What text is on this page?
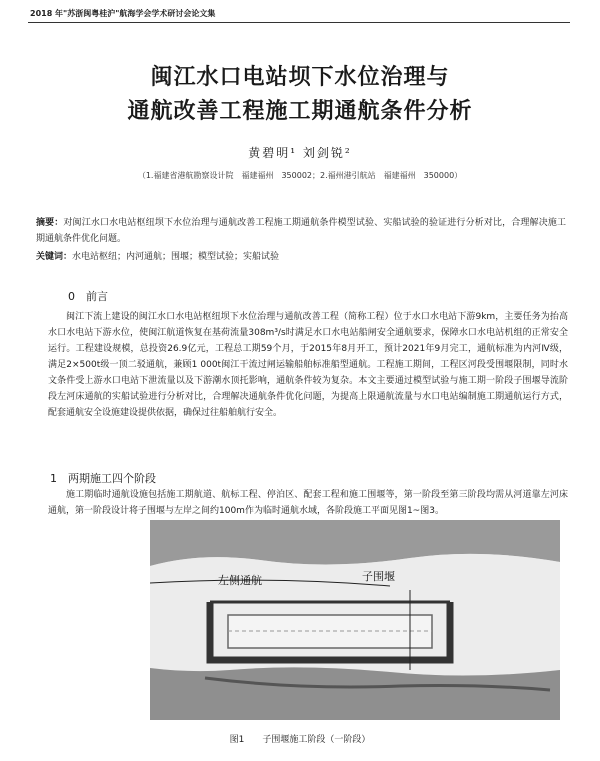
2018 年"苏浙闽粤桂沪"航海学会学术研讨会论文集
闽江水口电站坝下水位治理与
通航改善工程施工期通航条件分析
黄碧明¹ 刘剑锐²
（1.福建省港航勘察设计院　福建福州　350002；2.福州港引航站　福建福州　350000）
摘要：对闽江水口水电站枢纽坝下水位治理与通航改善工程施工期通航条件模型试验、实船试验的验证进行分析对比，合理解决施工期通航条件优化问题。
关键词：水电站枢纽；内河通航；围堰；模型试验；实船试验
0　 前言
闽江下流上建设的闽江水口水电站枢纽坝下水位治理与通航改善工程（简称工程）位于水口水电站下游9km，主要任务为抬高水口水电站下游水位，使闽江航道恢复在基荷流量308m³/s时满足水口水电站船闸安全通航要求，保障水口水电站机组的正常安全运行。工程建设规模，总投资26.9亿元，工程总工期59个月，于2015年8月开工，预计2021年9月完工，通航标准为内河Ⅳ级，满足2×500t级一顶二驳通航，兼顾1 000t闽江干流过闸运输船舶标准船型通航。工程施工期间，工程区河段受围堰限制，同时水文条件受上游水口电站下泄流量以及下游潮水顶托影响，通航条件较为复杂。本文主要通过模型试验与施工期一阶段子围堰导流阶段左河床通航的实船试验进行分析对比，合理解决通航条件优化问题，为提高上限通航流量与水口电站编制施工期通航运行方式，配套通航安全设施建设提供依据，确保过往船舶航行安全。
1　 两期施工四个阶段
施工期临时通航设施包括施工期航道、航标工程、停泊区、配套工程和施工围堰等，第一阶段至第三阶段均需从河道靠左河床通航，第一阶段设计将子围堰与左岸之间约100m作为临时通航水域，各阶段施工平面见图1~图3。
左侧通航	子围堰
图1 子围堰施工阶段（一阶段）
